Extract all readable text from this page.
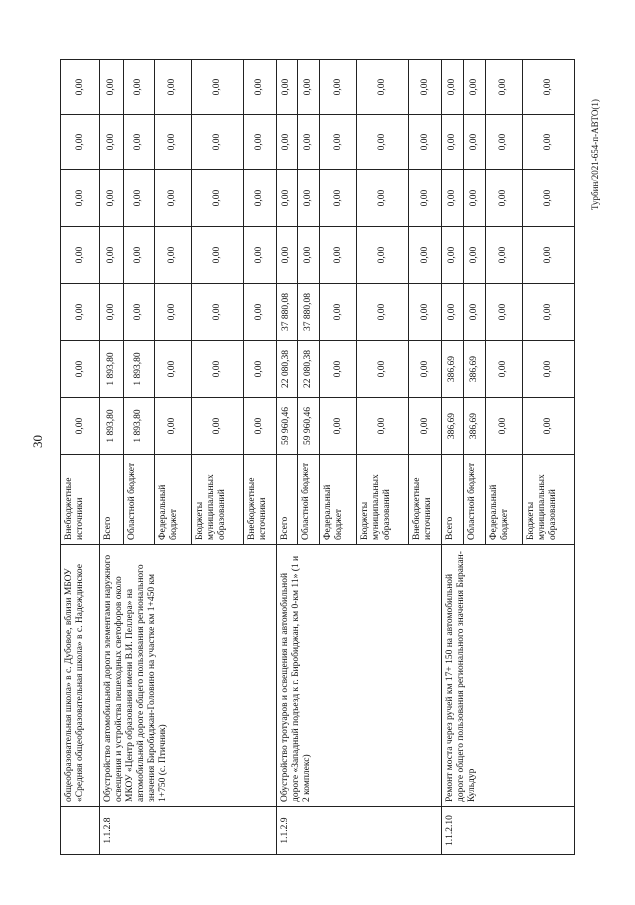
30
Турбин/2021-654-п-АВТО(1)
	общеобразовательная школа» в с. Дубовое, вблизи МБОУ «Средняя общеобразовательная школа» в с. Надеждинское	Внебюджетные источники	0,00	0,00	0,00	0,00	0,00	0,00	0,00
1.1.2.8	Обустройство автомобильной дороги элементами наружного освещения и устройства пешеходных светофоров около МКОУ «Центр образования имени В.И. Пеллера» на автомобильной дороге общего пользования регионального значения Биробиджан-Головино на участке км 1+450 км 1+750 (с. Птичник)	Всего	1 893,80	1 893,80	0,00	0,00	0,00	0,00	0,00
		Областной бюджет	1 893,80	1 893,80	0,00	0,00	0,00	0,00	0,00
		Федеральный бюджет	0,00	0,00	0,00	0,00	0,00	0,00	0,00
		Бюджеты муниципальных образований	0,00	0,00	0,00	0,00	0,00	0,00	0,00
		Внебюджетные источники	0,00	0,00	0,00	0,00	0,00	0,00	0,00
1.1.2.9	Обустройство тротуаров и освещения на автомобильной дороге «Западный подъезд к г. Биробиджан, км 0-км 11» (1 и 2 комплекс)	Всего	59 960,46	22 080,38	37 880,08	0,00	0,00	0,00	0,00
		Областной бюджет	59 960,46	22 080,38	37 880,08	0,00	0,00	0,00	0,00
		Федеральный бюджет	0,00	0,00	0,00	0,00	0,00	0,00	0,00
		Бюджеты муниципальных образований	0,00	0,00	0,00	0,00	0,00	0,00	0,00
		Внебюджетные источники	0,00	0,00	0,00	0,00	0,00	0,00	0,00
1.1.2.10	Ремонт моста через ручей км 17+ 150 на автомобильной дороге общего пользования регионального значения Биракан-Кульдур	Всего	386,69	386,69	0,00	0,00	0,00	0,00	0,00
		Областной бюджет	386,69	386,69	0,00	0,00	0,00	0,00	0,00
		Федеральный бюджет	0,00	0,00	0,00	0,00	0,00	0,00	0,00
		Бюджеты муниципальных образований	0,00	0,00	0,00	0,00	0,00	0,00	0,00
